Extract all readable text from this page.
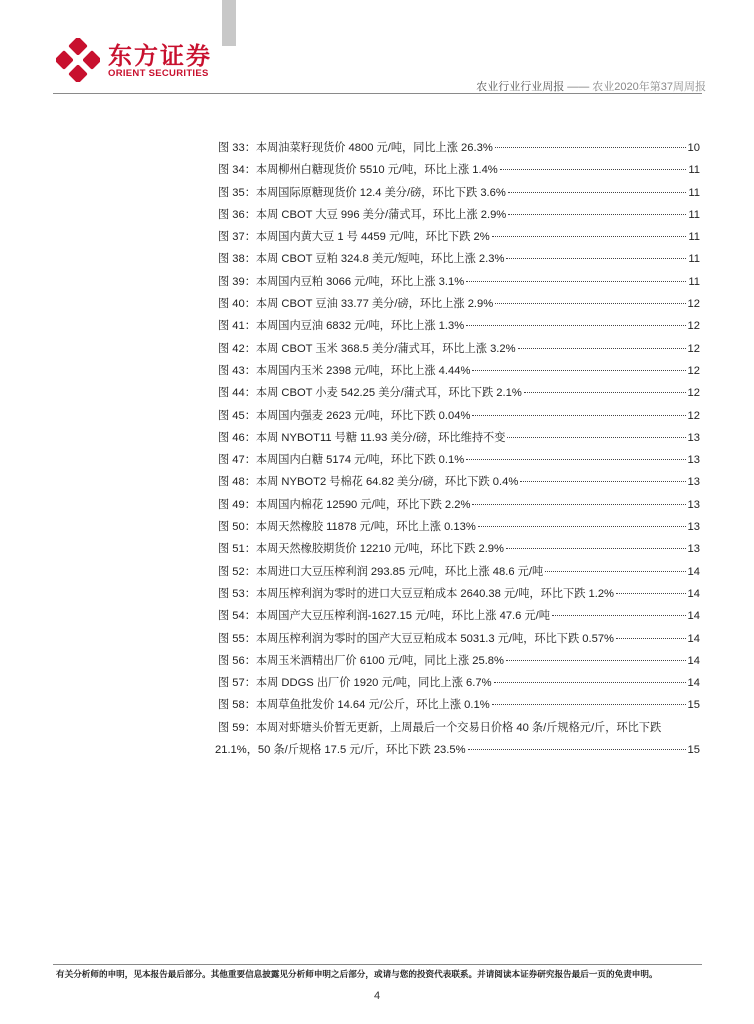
东方证券
ORIENT SECURITIES
农业行业行业周报 —— 农业2020年第37周周报
图 33：本周油菜籽现货价 4800 元/吨，同比上涨 26.3%	10
图 34：本周柳州白糖现货价 5510 元/吨，环比上涨 1.4%	11
图 35：本周国际原糖现货价 12.4 美分/磅，环比下跌 3.6%	11
图 36：本周 CBOT 大豆 996 美分/蒲式耳，环比上涨 2.9%	11
图 37：本周国内黄大豆 1 号 4459 元/吨，环比下跌 2%	11
图 38：本周 CBOT 豆粕 324.8 美元/短吨，环比上涨 2.3%	11
图 39：本周国内豆粕 3066 元/吨，环比上涨 3.1%	11
图 40：本周 CBOT 豆油 33.77 美分/磅，环比上涨 2.9%	12
图 41：本周国内豆油 6832 元/吨，环比上涨 1.3%	12
图 42：本周 CBOT 玉米 368.5 美分/蒲式耳，环比上涨 3.2%	12
图 43：本周国内玉米 2398 元/吨，环比上涨 4.44%	12
图 44：本周 CBOT 小麦 542.25 美分/蒲式耳，环比下跌 2.1%	12
图 45：本周国内强麦 2623 元/吨，环比下跌 0.04%	12
图 46：本周 NYBOT11 号糖 11.93 美分/磅，环比维持不变	13
图 47：本周国内白糖 5174 元/吨，环比下跌 0.1%	13
图 48：本周 NYBOT2 号棉花 64.82 美分/磅，环比下跌 0.4%	13
图 49：本周国内棉花 12590 元/吨，环比下跌 2.2%	13
图 50：本周天然橡胶 11878 元/吨，环比上涨 0.13%	13
图 51：本周天然橡胶期货价 12210 元/吨，环比下跌 2.9%	13
图 52：本周进口大豆压榨利润 293.85 元/吨，环比上涨 48.6 元/吨	14
图 53：本周压榨利润为零时的进口大豆豆粕成本 2640.38 元/吨，环比下跌 1.2%	14
图 54：本周国产大豆压榨利润-1627.15 元/吨，环比上涨 47.6 元/吨	14
图 55：本周压榨利润为零时的国产大豆豆粕成本 5031.3 元/吨，环比下跌 0.57%	14
图 56：本周玉米酒精出厂价 6100 元/吨，同比上涨 25.8%	14
图 57：本周 DDGS 出厂价 1920 元/吨，同比上涨 6.7%	14
图 58：本周草鱼批发价 14.64 元/公斤，环比上涨 0.1%	15
图 59：本周对虾塘头价暂无更新，上周最后一个交易日价格 40 条/斤规格元/斤，环比下跌
21.1%，50 条/斤规格 17.5 元/斤，环比下跌 23.5%	15
有关分析师的申明，见本报告最后部分。其他重要信息披露见分析师申明之后部分，或请与您的投资代表联系。并请阅读本证券研究报告最后一页的免责申明。
4
